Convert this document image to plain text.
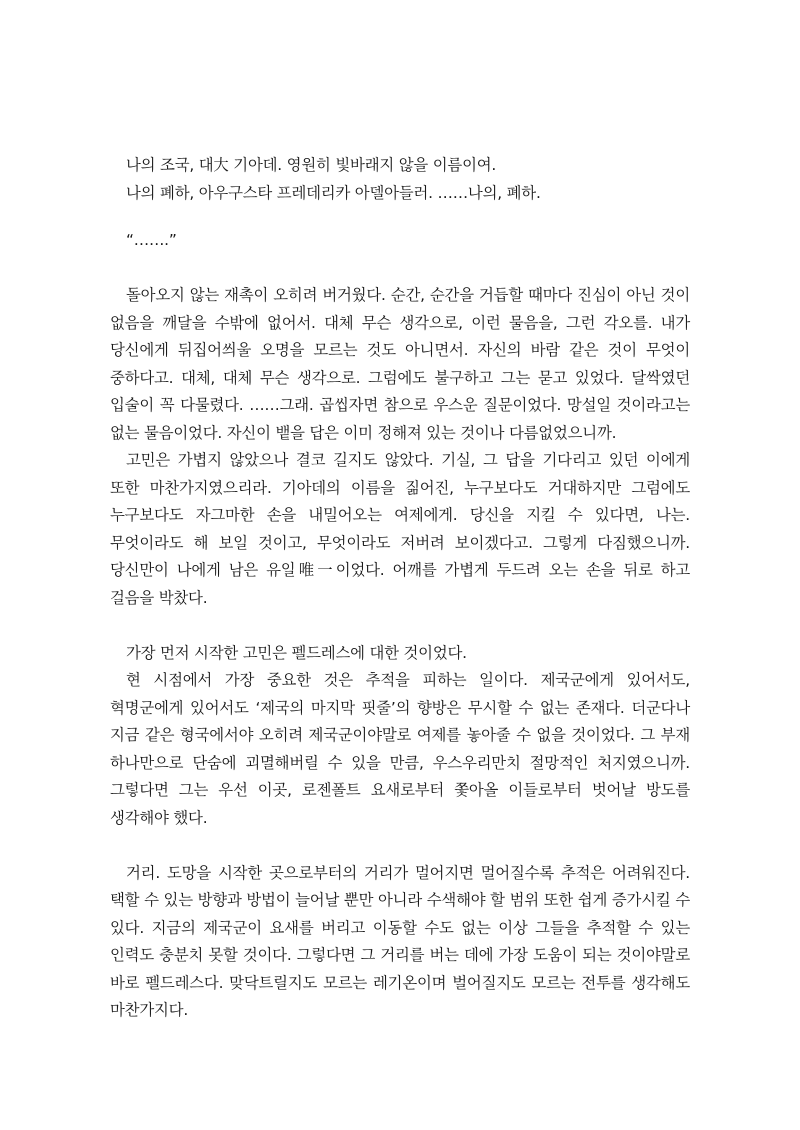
나의 조국, 대大 기아데. 영원히 빛바래지 않을 이름이여.

나의 폐하, 아우구스타 프레데리카 아델아들러. ……나의, 폐하.

“…….”

돌아오지 않는 재촉이 오히려 버거웠다. 순간, 순간을 거듭할 때마다 진심이 아닌 것이 없음을 깨달을 수밖에 없어서. 대체 무슨 생각으로, 이런 물음을, 그런 각오를. 내가 당신에게 뒤집어씌울 오명을 모르는 것도 아니면서. 자신의 바람 같은 것이 무엇이 중하다고. 대체, 대체 무슨 생각으로. 그럼에도 불구하고 그는 묻고 있었다. 달싹였던 입술이 꼭 다물렸다. ……그래. 곱씹자면 참으로 우스운 질문이었다. 망설일 것이라고는 없는 물음이었다. 자신이 뱉을 답은 이미 정해져 있는 것이나 다름없었으니까.

고민은 가볍지 않았으나 결코 길지도 않았다. 기실, 그 답을 기다리고 있던 이에게 또한 마찬가지였으리라. 기아데의 이름을 짊어진, 누구보다도 거대하지만 그럼에도 누구보다도 자그마한 손을 내밀어오는 여제에게. 당신을 지킬 수 있다면, 나는. 무엇이라도 해 보일 것이고, 무엇이라도 저버려 보이겠다고. 그렇게 다짐했으니까. 당신만이 나에게 남은 유일唯一이었다. 어깨를 가볍게 두드려 오는 손을 뒤로 하고 걸음을 박찼다.

가장 먼저 시작한 고민은 펠드레스에 대한 것이었다.

현 시점에서 가장 중요한 것은 추적을 피하는 일이다. 제국군에게 있어서도, 혁명군에게 있어서도 ‘제국의 마지막 핏줄’의 향방은 무시할 수 없는 존재다. 더군다나 지금 같은 형국에서야 오히려 제국군이야말로 여제를 놓아줄 수 없을 것이었다. 그 부재 하나만으로 단숨에 괴멸해버릴 수 있을 만큼, 우스우리만치 절망적인 처지였으니까. 그렇다면 그는 우선 이곳, 로젠폴트 요새로부터 쫓아올 이들로부터 벗어날 방도를 생각해야 했다.

거리. 도망을 시작한 곳으로부터의 거리가 멀어지면 멀어질수록 추적은 어려워진다. 택할 수 있는 방향과 방법이 늘어날 뿐만 아니라 수색해야 할 범위 또한 쉽게 증가시킬 수 있다. 지금의 제국군이 요새를 버리고 이동할 수도 없는 이상 그들을 추적할 수 있는 인력도 충분치 못할 것이다. 그렇다면 그 거리를 버는 데에 가장 도움이 되는 것이야말로 바로 펠드레스다. 맞닥트릴지도 모르는 레기온이며 벌어질지도 모르는 전투를 생각해도 마찬가지다.
